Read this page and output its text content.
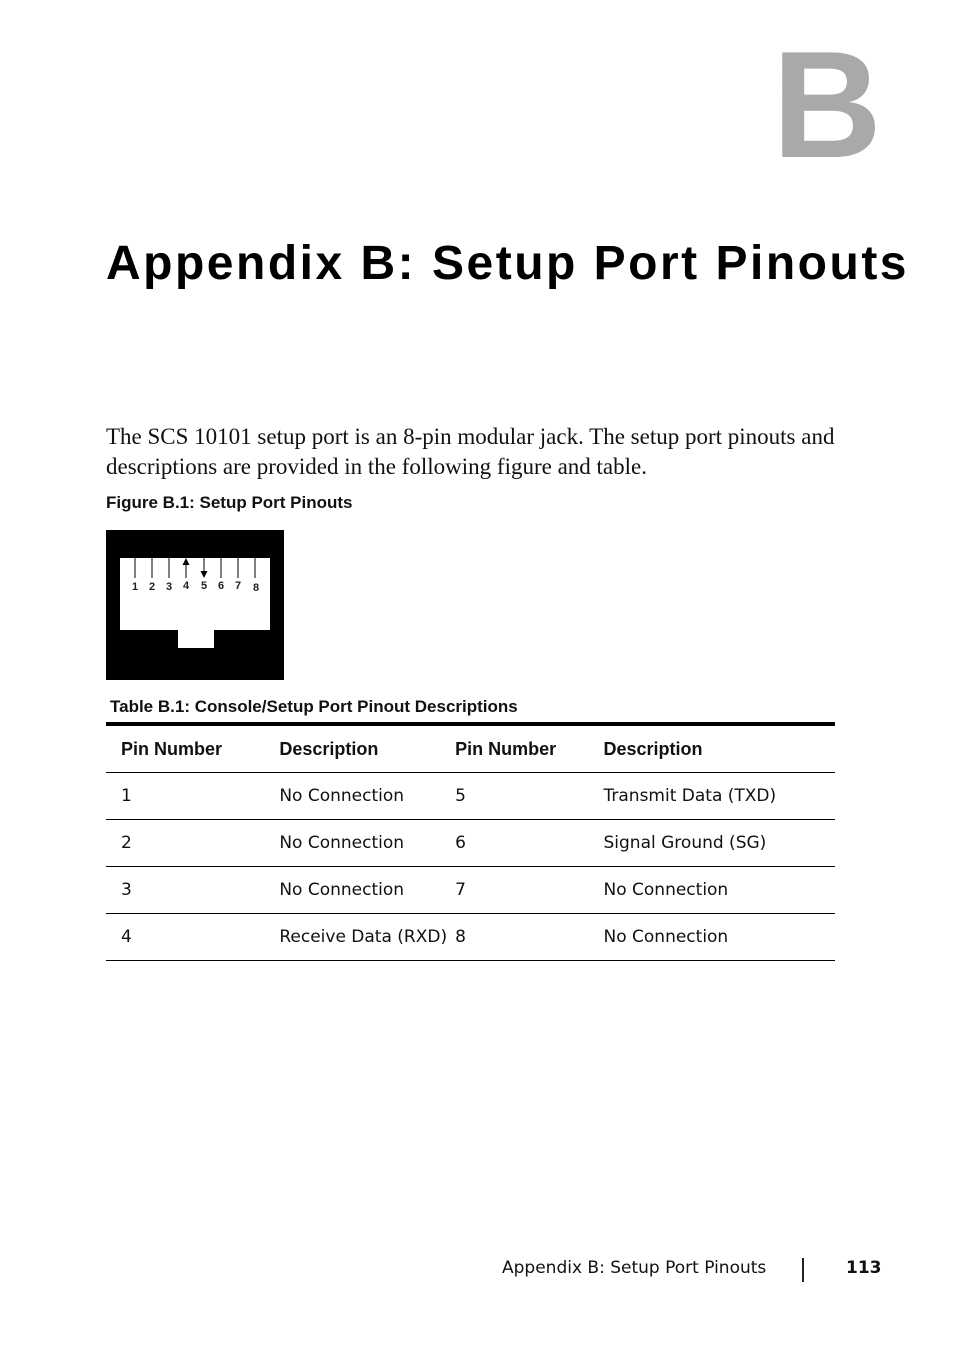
B
Appendix B: Setup Port Pinouts

The SCS 10101 setup port is an 8-pin modular jack. The setup port pinouts and descriptions are provided in the following figure and table.

Figure B.1: Setup Port Pinouts
1 2 3 4 5 6 7 8
Table B.1: Console/Setup Port Pinout Descriptions
Pin Number	Description	Pin Number	Description
1	No Connection	5	Transmit Data (TXD)
2	No Connection	6	Signal Ground (SG)
3	No Connection	7	No Connection
4	Receive Data (RXD)	8	No Connection
Appendix B: Setup Port Pinouts	113
